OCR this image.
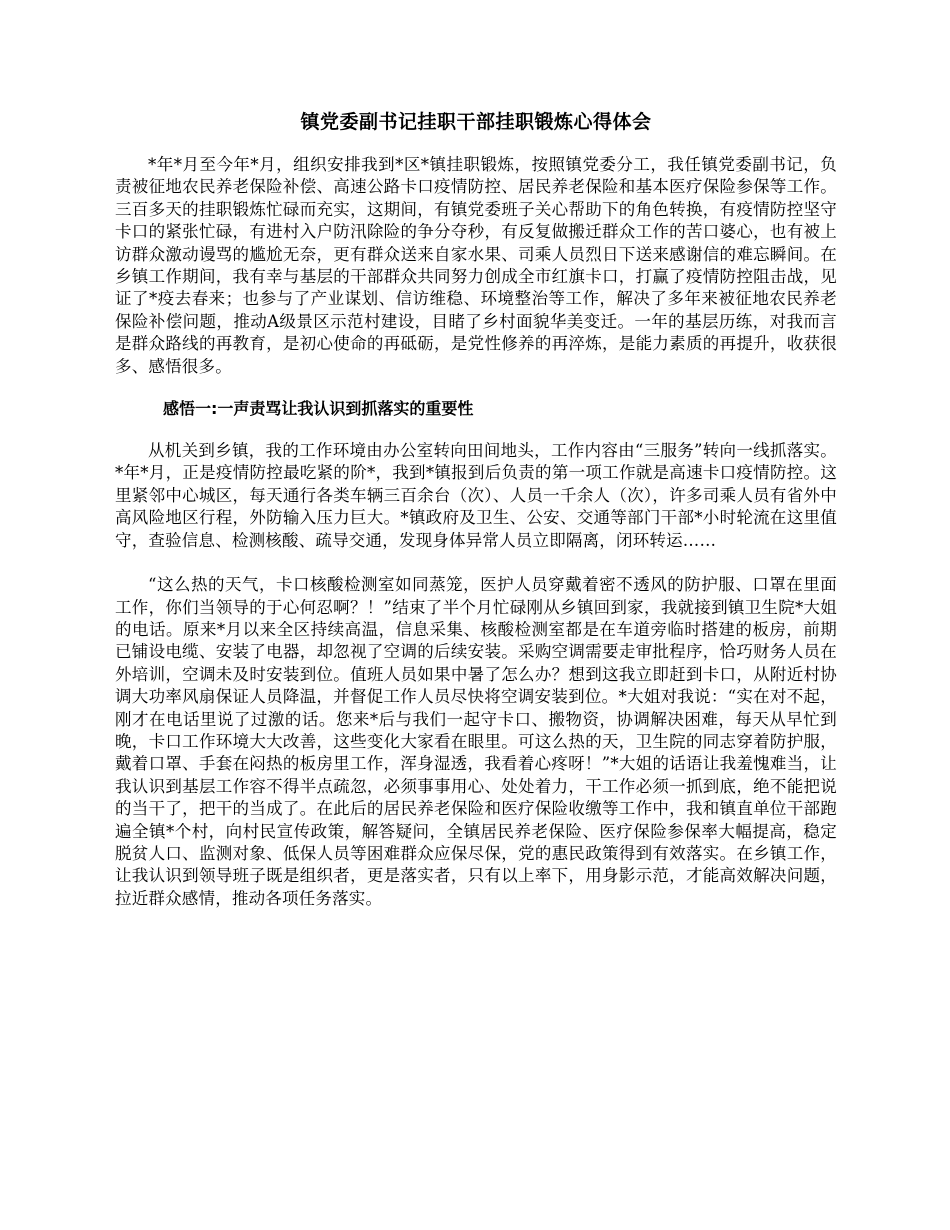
镇党委副书记挂职干部挂职锻炼心得体会

*年*月至今年*月，组织安排我到*区*镇挂职锻炼，按照镇党委分工，我任镇党委副书记，负责被征地农民养老保险补偿、高速公路卡口疫情防控、居民养老保险和基本医疗保险参保等工作。三百多天的挂职锻炼忙碌而充实，这期间，有镇党委班子关心帮助下的角色转换，有疫情防控坚守卡口的紧张忙碌，有进村入户防汛除险的争分夺秒，有反复做搬迁群众工作的苦口婆心，也有被上访群众激动谩骂的尴尬无奈，更有群众送来自家水果、司乘人员烈日下送来感谢信的难忘瞬间。在乡镇工作期间，我有幸与基层的干部群众共同努力创成全市红旗卡口，打赢了疫情防控阻击战，见证了*疫去春来；也参与了产业谋划、信访维稳、环境整治等工作，解决了多年来被征地农民养老保险补偿问题，推动A级景区示范村建设，目睹了乡村面貌华美变迁。一年的基层历练，对我而言是群众路线的再教育，是初心使命的再砥砺，是党性修养的再淬炼，是能力素质的再提升，收获很多、感悟很多。

感悟一:一声责骂让我认识到抓落实的重要性

从机关到乡镇，我的工作环境由办公室转向田间地头，工作内容由“三服务”转向一线抓落实。*年*月，正是疫情防控最吃紧的阶*，我到*镇报到后负责的第一项工作就是高速卡口疫情防控。这里紧邻中心城区，每天通行各类车辆三百余台（次）、人员一千余人（次），许多司乘人员有省外中高风险地区行程，外防输入压力巨大。*镇政府及卫生、公安、交通等部门干部*小时轮流在这里值守，查验信息、检测核酸、疏导交通，发现身体异常人员立即隔离，闭环转运……

“这么热的天气，卡口核酸检测室如同蒸笼，医护人员穿戴着密不透风的防护服、口罩在里面工作，你们当领导的于心何忍啊？！”结束了半个月忙碌刚从乡镇回到家，我就接到镇卫生院*大姐的电话。原来*月以来全区持续高温，信息采集、核酸检测室都是在车道旁临时搭建的板房，前期已铺设电缆、安装了电器，却忽视了空调的后续安装。采购空调需要走审批程序，恰巧财务人员在外培训，空调未及时安装到位。值班人员如果中暑了怎么办？想到这我立即赶到卡口，从附近村协调大功率风扇保证人员降温，并督促工作人员尽快将空调安装到位。*大姐对我说：“实在对不起，刚才在电话里说了过激的话。您来*后与我们一起守卡口、搬物资，协调解决困难，每天从早忙到晚，卡口工作环境大大改善，这些变化大家看在眼里。可这么热的天，卫生院的同志穿着防护服，戴着口罩、手套在闷热的板房里工作，浑身湿透，我看着心疼呀！”*大姐的话语让我羞愧难当，让我认识到基层工作容不得半点疏忽，必须事事用心、处处着力，干工作必须一抓到底，绝不能把说的当干了，把干的当成了。在此后的居民养老保险和医疗保险收缴等工作中，我和镇直单位干部跑遍全镇*个村，向村民宣传政策，解答疑问，全镇居民养老保险、医疗保险参保率大幅提高，稳定脱贫人口、监测对象、低保人员等困难群众应保尽保，党的惠民政策得到有效落实。在乡镇工作，让我认识到领导班子既是组织者，更是落实者，只有以上率下，用身影示范，才能高效解决问题，拉近群众感情，推动各项任务落实。
